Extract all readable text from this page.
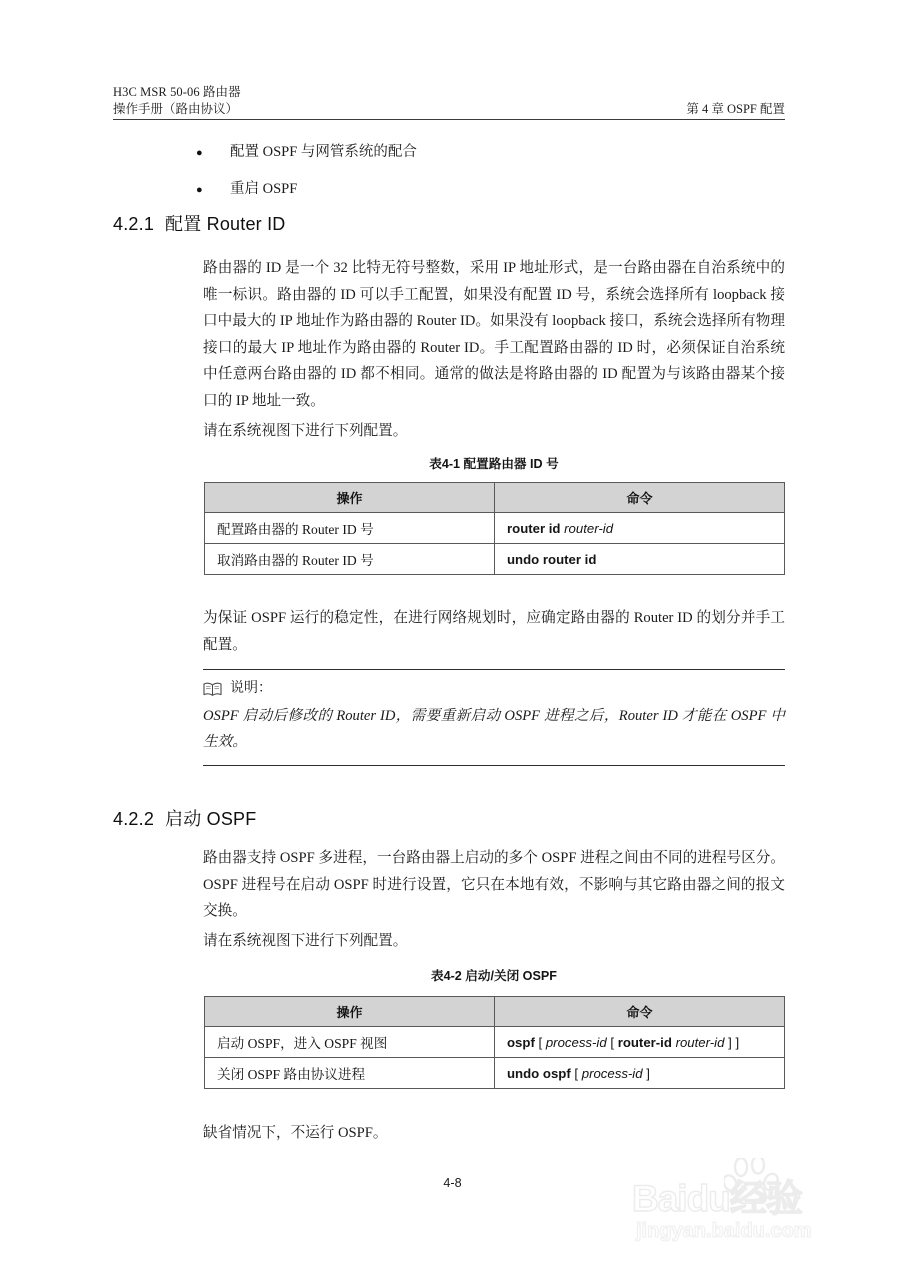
H3C MSR 50-06 路由器
操作手册（路由协议）	第 4 章 OSPF 配置
●	配置 OSPF 与网管系统的配合
●	重启 OSPF
4.2.1 配置 Router ID
路由器的 ID 是一个 32 比特无符号整数，采用 IP 地址形式，是一台路由器在自治系统中的唯一标识。路由器的 ID 可以手工配置，如果没有配置 ID 号，系统会选择所有 loopback 接口中最大的 IP 地址作为路由器的 Router ID。如果没有 loopback 接口，系统会选择所有物理接口的最大 IP 地址作为路由器的 Router ID。手工配置路由器的 ID 时，必须保证自治系统中任意两台路由器的 ID 都不相同。通常的做法是将路由器的 ID 配置为与该路由器某个接口的 IP 地址一致。
请在系统视图下进行下列配置。
表4-1 配置路由器 ID 号
操作	命令
配置路由器的 Router ID 号	router id router-id
取消路由器的 Router ID 号	undo router id
为保证 OSPF 运行的稳定性，在进行网络规划时，应确定路由器的 Router ID 的划分并手工配置。
说明：
OSPF 启动后修改的 Router ID，需要重新启动 OSPF 进程之后，Router ID 才能在 OSPF 中生效。
4.2.2 启动 OSPF
路由器支持 OSPF 多进程，一台路由器上启动的多个 OSPF 进程之间由不同的进程号区分。OSPF 进程号在启动 OSPF 时进行设置，它只在本地有效，不影响与其它路由器之间的报文交换。
请在系统视图下进行下列配置。
表4-2 启动/关闭 OSPF
操作	命令
启动 OSPF，进入 OSPF 视图	ospf [ process-id [ router-id router-id ] ]
关闭 OSPF 路由协议进程	undo ospf [ process-id ]
缺省情况下，不运行 OSPF。
4-8	Baidu经验
jingyan.baidu.com
